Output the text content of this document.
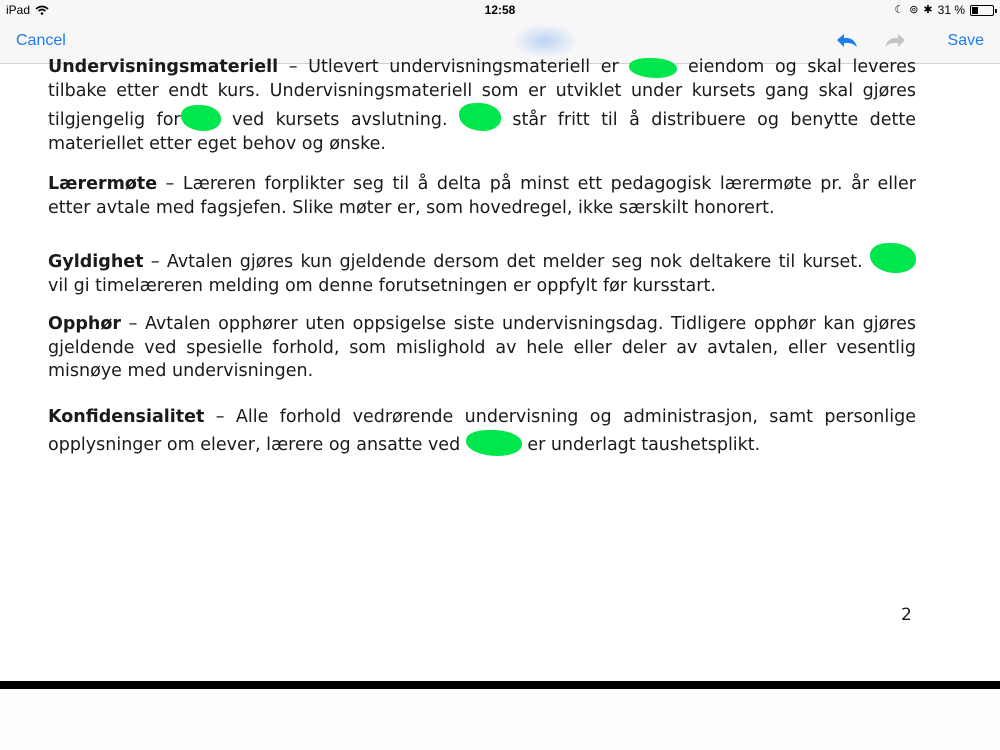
iPad	12:58	☾ ⊚ ✱ 31 %
Cancel	Save

Undervisningsmateriell – Utlevert undervisningsmateriell er	eiendom og skal leveres tilbake etter endt kurs. Undervisningsmateriell som er utviklet under kursets gang skal gjøres tilgjengelig for ved kursets avslutning.  står fritt til å distribuere og benytte dette materiellet etter eget behov og ønske.

Lærermøte – Læreren forplikter seg til å delta på minst ett pedagogisk lærermøte pr. år eller etter avtale med fagsjefen. Slike møter er, som hovedregel, ikke særskilt honorert.

Gyldighet – Avtalen gjøres kun gjeldende dersom det melder seg nok deltakere til kurset.  vil gi timelæreren melding om denne forutsetningen er oppfylt før kursstart.

Opphør – Avtalen opphører uten oppsigelse siste undervisningsdag. Tidligere opphør kan gjøres gjeldende ved spesielle forhold, som mislighold av hele eller deler av avtalen, eller vesentlig misnøye med undervisningen.

Konfidensialitet – Alle forhold vedrørende undervisning og administrasjon, samt personlige opplysninger om elever, lærere og ansatte ved	er underlagt taushetsplikt.

2
